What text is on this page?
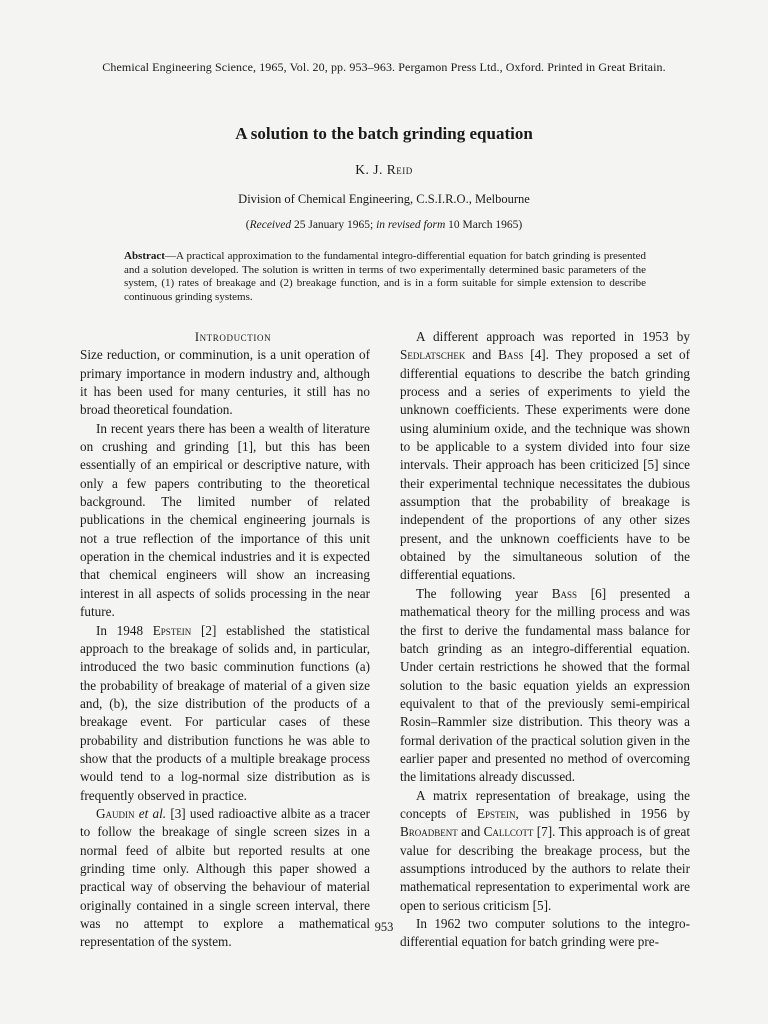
Chemical Engineering Science, 1965, Vol. 20, pp. 953–963. Pergamon Press Ltd., Oxford. Printed in Great Britain.
A solution to the batch grinding equation
K. J. Reid
Division of Chemical Engineering, C.S.I.R.O., Melbourne
(Received 25 January 1965; in revised form 10 March 1965)
Abstract—A practical approximation to the fundamental integro-differential equation for batch grinding is presented and a solution developed. The solution is written in terms of two experimentally determined basic parameters of the system, (1) rates of breakage and (2) breakage function, and is in a form suitable for simple extension to describe continuous grinding systems.

Introduction

Size reduction, or comminution, is a unit operation of primary importance in modern industry and, although it has been used for many centuries, it still has no broad theoretical foundation.

In recent years there has been a wealth of literature on crushing and grinding [1], but this has been essentially of an empirical or descriptive nature, with only a few papers contributing to the theoretical background. The limited number of related publications in the chemical engineering journals is not a true reflection of the importance of this unit operation in the chemical industries and it is expected that chemical engineers will show an increasing interest in all aspects of solids processing in the near future.

In 1948 Epstein [2] established the statistical approach to the breakage of solids and, in particular, introduced the two basic comminution functions (a) the probability of breakage of material of a given size and, (b), the size distribution of the products of a breakage event. For particular cases of these probability and distribution functions he was able to show that the products of a multiple breakage process would tend to a log-normal size distribution as is frequently observed in practice.

Gaudin et al. [3] used radioactive albite as a tracer to follow the breakage of single screen sizes in a normal feed of albite but reported results at one grinding time only. Although this paper showed a practical way of observing the behaviour of material originally contained in a single screen interval, there was no attempt to explore a mathematical representation of the system.

A different approach was reported in 1953 by Sedlatschek and Bass [4]. They proposed a set of differential equations to describe the batch grinding process and a series of experiments to yield the unknown coefficients. These experiments were done using aluminium oxide, and the technique was shown to be applicable to a system divided into four size intervals. Their approach has been criticized [5] since their experimental technique necessitates the dubious assumption that the probability of breakage is independent of the proportions of any other sizes present, and the unknown coefficients have to be obtained by the simultaneous solution of the differential equations.

The following year Bass [6] presented a mathematical theory for the milling process and was the first to derive the fundamental mass balance for batch grinding as an integro-differential equation. Under certain restrictions he showed that the formal solution to the basic equation yields an expression equivalent to that of the previously semi-empirical Rosin–Rammler size distribution. This theory was a formal derivation of the practical solution given in the earlier paper and presented no method of overcoming the limitations already discussed.

A matrix representation of breakage, using the concepts of Epstein, was published in 1956 by Broadbent and Callcott [7]. This approach is of great value for describing the breakage process, but the assumptions introduced by the authors to relate their mathematical representation to experimental work are open to serious criticism [5].

In 1962 two computer solutions to the integro-differential equation for batch grinding were pre-

953
